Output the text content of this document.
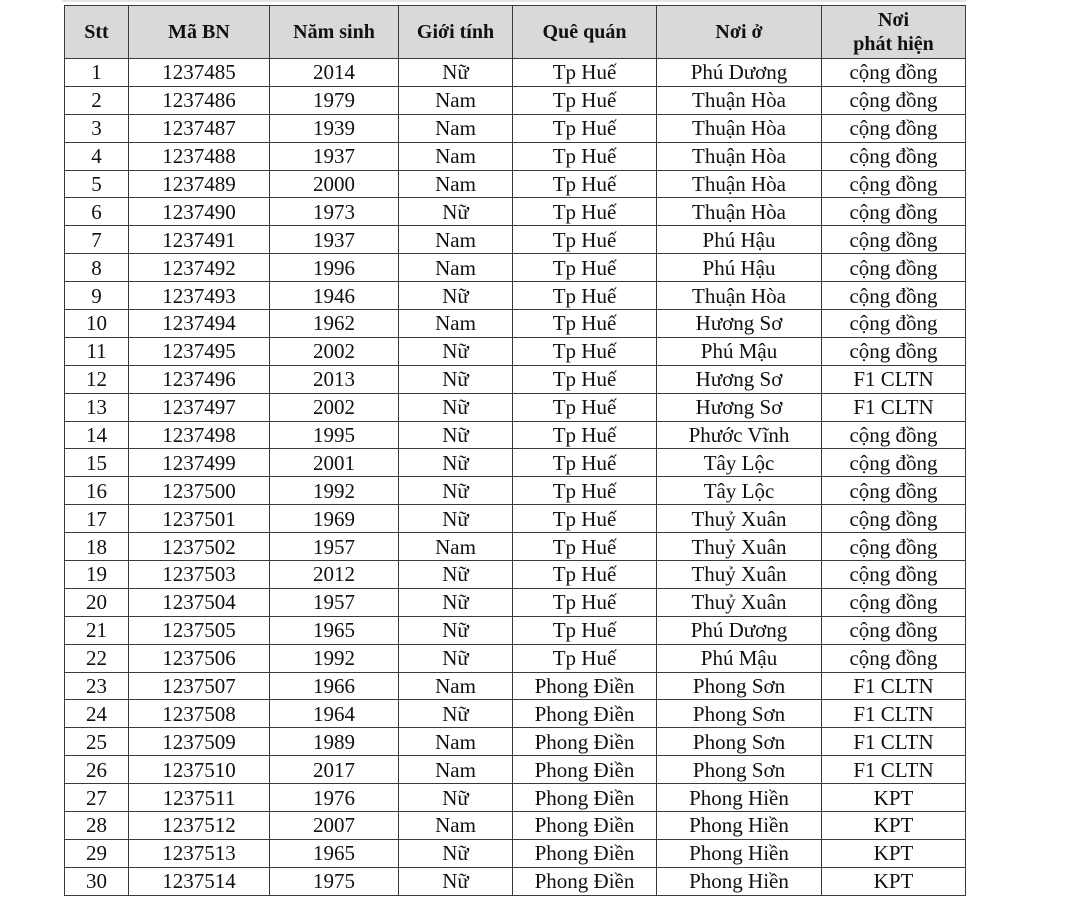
Stt	Mã BN	Năm sinh	Giới tính	Quê quán	Nơi ở	Nơi
phát hiện
1	1237485	2014	Nữ	Tp Huế	Phú Dương	cộng đồng
2	1237486	1979	Nam	Tp Huế	Thuận Hòa	cộng đồng
3	1237487	1939	Nam	Tp Huế	Thuận Hòa	cộng đồng
4	1237488	1937	Nam	Tp Huế	Thuận Hòa	cộng đồng
5	1237489	2000	Nam	Tp Huế	Thuận Hòa	cộng đồng
6	1237490	1973	Nữ	Tp Huế	Thuận Hòa	cộng đồng
7	1237491	1937	Nam	Tp Huế	Phú Hậu	cộng đồng
8	1237492	1996	Nam	Tp Huế	Phú Hậu	cộng đồng
9	1237493	1946	Nữ	Tp Huế	Thuận Hòa	cộng đồng
10	1237494	1962	Nam	Tp Huế	Hương Sơ	cộng đồng
11	1237495	2002	Nữ	Tp Huế	Phú Mậu	cộng đồng
12	1237496	2013	Nữ	Tp Huế	Hương Sơ	F1 CLTN
13	1237497	2002	Nữ	Tp Huế	Hương Sơ	F1 CLTN
14	1237498	1995	Nữ	Tp Huế	Phước Vĩnh	cộng đồng
15	1237499	2001	Nữ	Tp Huế	Tây Lộc	cộng đồng
16	1237500	1992	Nữ	Tp Huế	Tây Lộc	cộng đồng
17	1237501	1969	Nữ	Tp Huế	Thuỷ Xuân	cộng đồng
18	1237502	1957	Nam	Tp Huế	Thuỷ Xuân	cộng đồng
19	1237503	2012	Nữ	Tp Huế	Thuỷ Xuân	cộng đồng
20	1237504	1957	Nữ	Tp Huế	Thuỷ Xuân	cộng đồng
21	1237505	1965	Nữ	Tp Huế	Phú Dương	cộng đồng
22	1237506	1992	Nữ	Tp Huế	Phú Mậu	cộng đồng
23	1237507	1966	Nam	Phong Điền	Phong Sơn	F1 CLTN
24	1237508	1964	Nữ	Phong Điền	Phong Sơn	F1 CLTN
25	1237509	1989	Nam	Phong Điền	Phong Sơn	F1 CLTN
26	1237510	2017	Nam	Phong Điền	Phong Sơn	F1 CLTN
27	1237511	1976	Nữ	Phong Điền	Phong Hiền	KPT
28	1237512	2007	Nam	Phong Điền	Phong Hiền	KPT
29	1237513	1965	Nữ	Phong Điền	Phong Hiền	KPT
30	1237514	1975	Nữ	Phong Điền	Phong Hiền	KPT
